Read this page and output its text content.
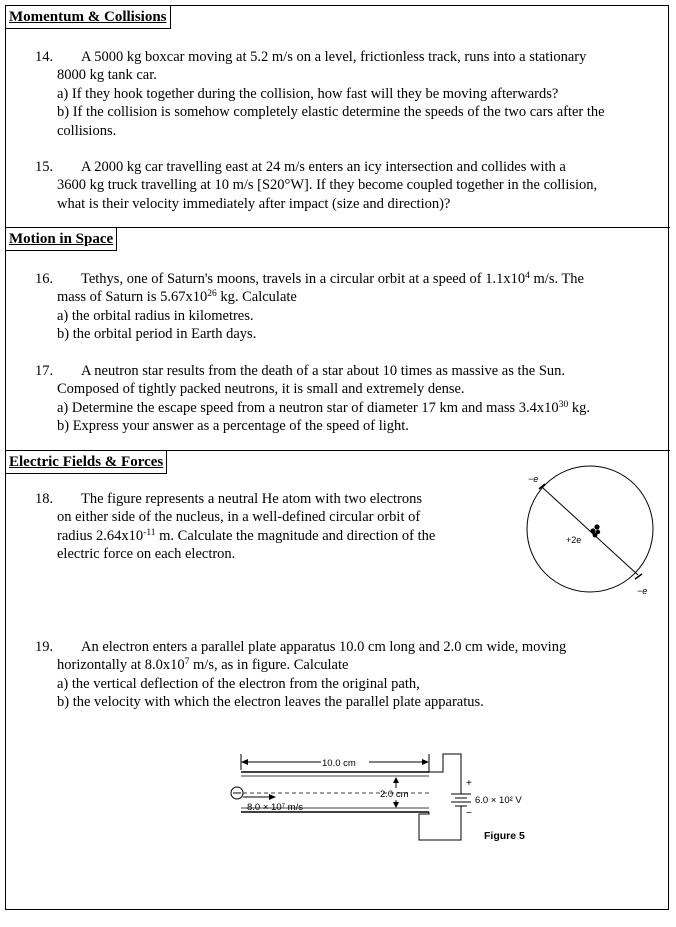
Momentum & Collisions

14. A 5000 kg boxcar moving at 5.2 m/s on a level, frictionless track, runs into a stationary

8000 kg tank car.

a) If they hook together during the collision, how fast will they be moving afterwards?

b) If the collision is somehow completely elastic determine the speeds of the two cars after the

collisions.

15. A 2000 kg car travelling east at 24 m/s enters an icy intersection and collides with a

3600 kg truck travelling at 10 m/s [S20°W]. If they become coupled together in the collision,

what is their velocity immediately after impact (size and direction)?

Motion in Space

16. Tethys, one of Saturn's moons, travels in a circular orbit at a speed of $1.1x10^4$ m/s. The

mass of Saturn is $5.67x10^{26}$ kg. Calculate

a) the orbital radius in kilometres.

b) the orbital period in Earth days.

17. A neutron star results from the death of a star about 10 times as massive as the Sun.

Composed of tightly packed neutrons, it is small and extremely dense.

a) Determine the escape speed from a neutron star of diameter 17 km and mass $3.4x10^{30}$ kg.

b) Express your answer as a percentage of the speed of light.

Electric Fields & Forces

18. The figure represents a neutral He atom with two electrons

on either side of the nucleus, in a well-defined circular orbit of

radius $2.64x10^{-11}$ m. Calculate the magnitude and direction of the

electric force on each electron.

−e
+2e
−e

19. An electron enters a parallel plate apparatus 10.0 cm long and 2.0 cm wide, moving

horizontally at $8.0x10^7$ m/s, as in figure. Calculate

a) the vertical deflection of the electron from the original path,

b) the velocity with which the electron leaves the parallel plate apparatus.

10.0 cm
+
−
6.0 × 10² V
8.0 × 10⁷ m/s
2.0 cm
Figure 5
